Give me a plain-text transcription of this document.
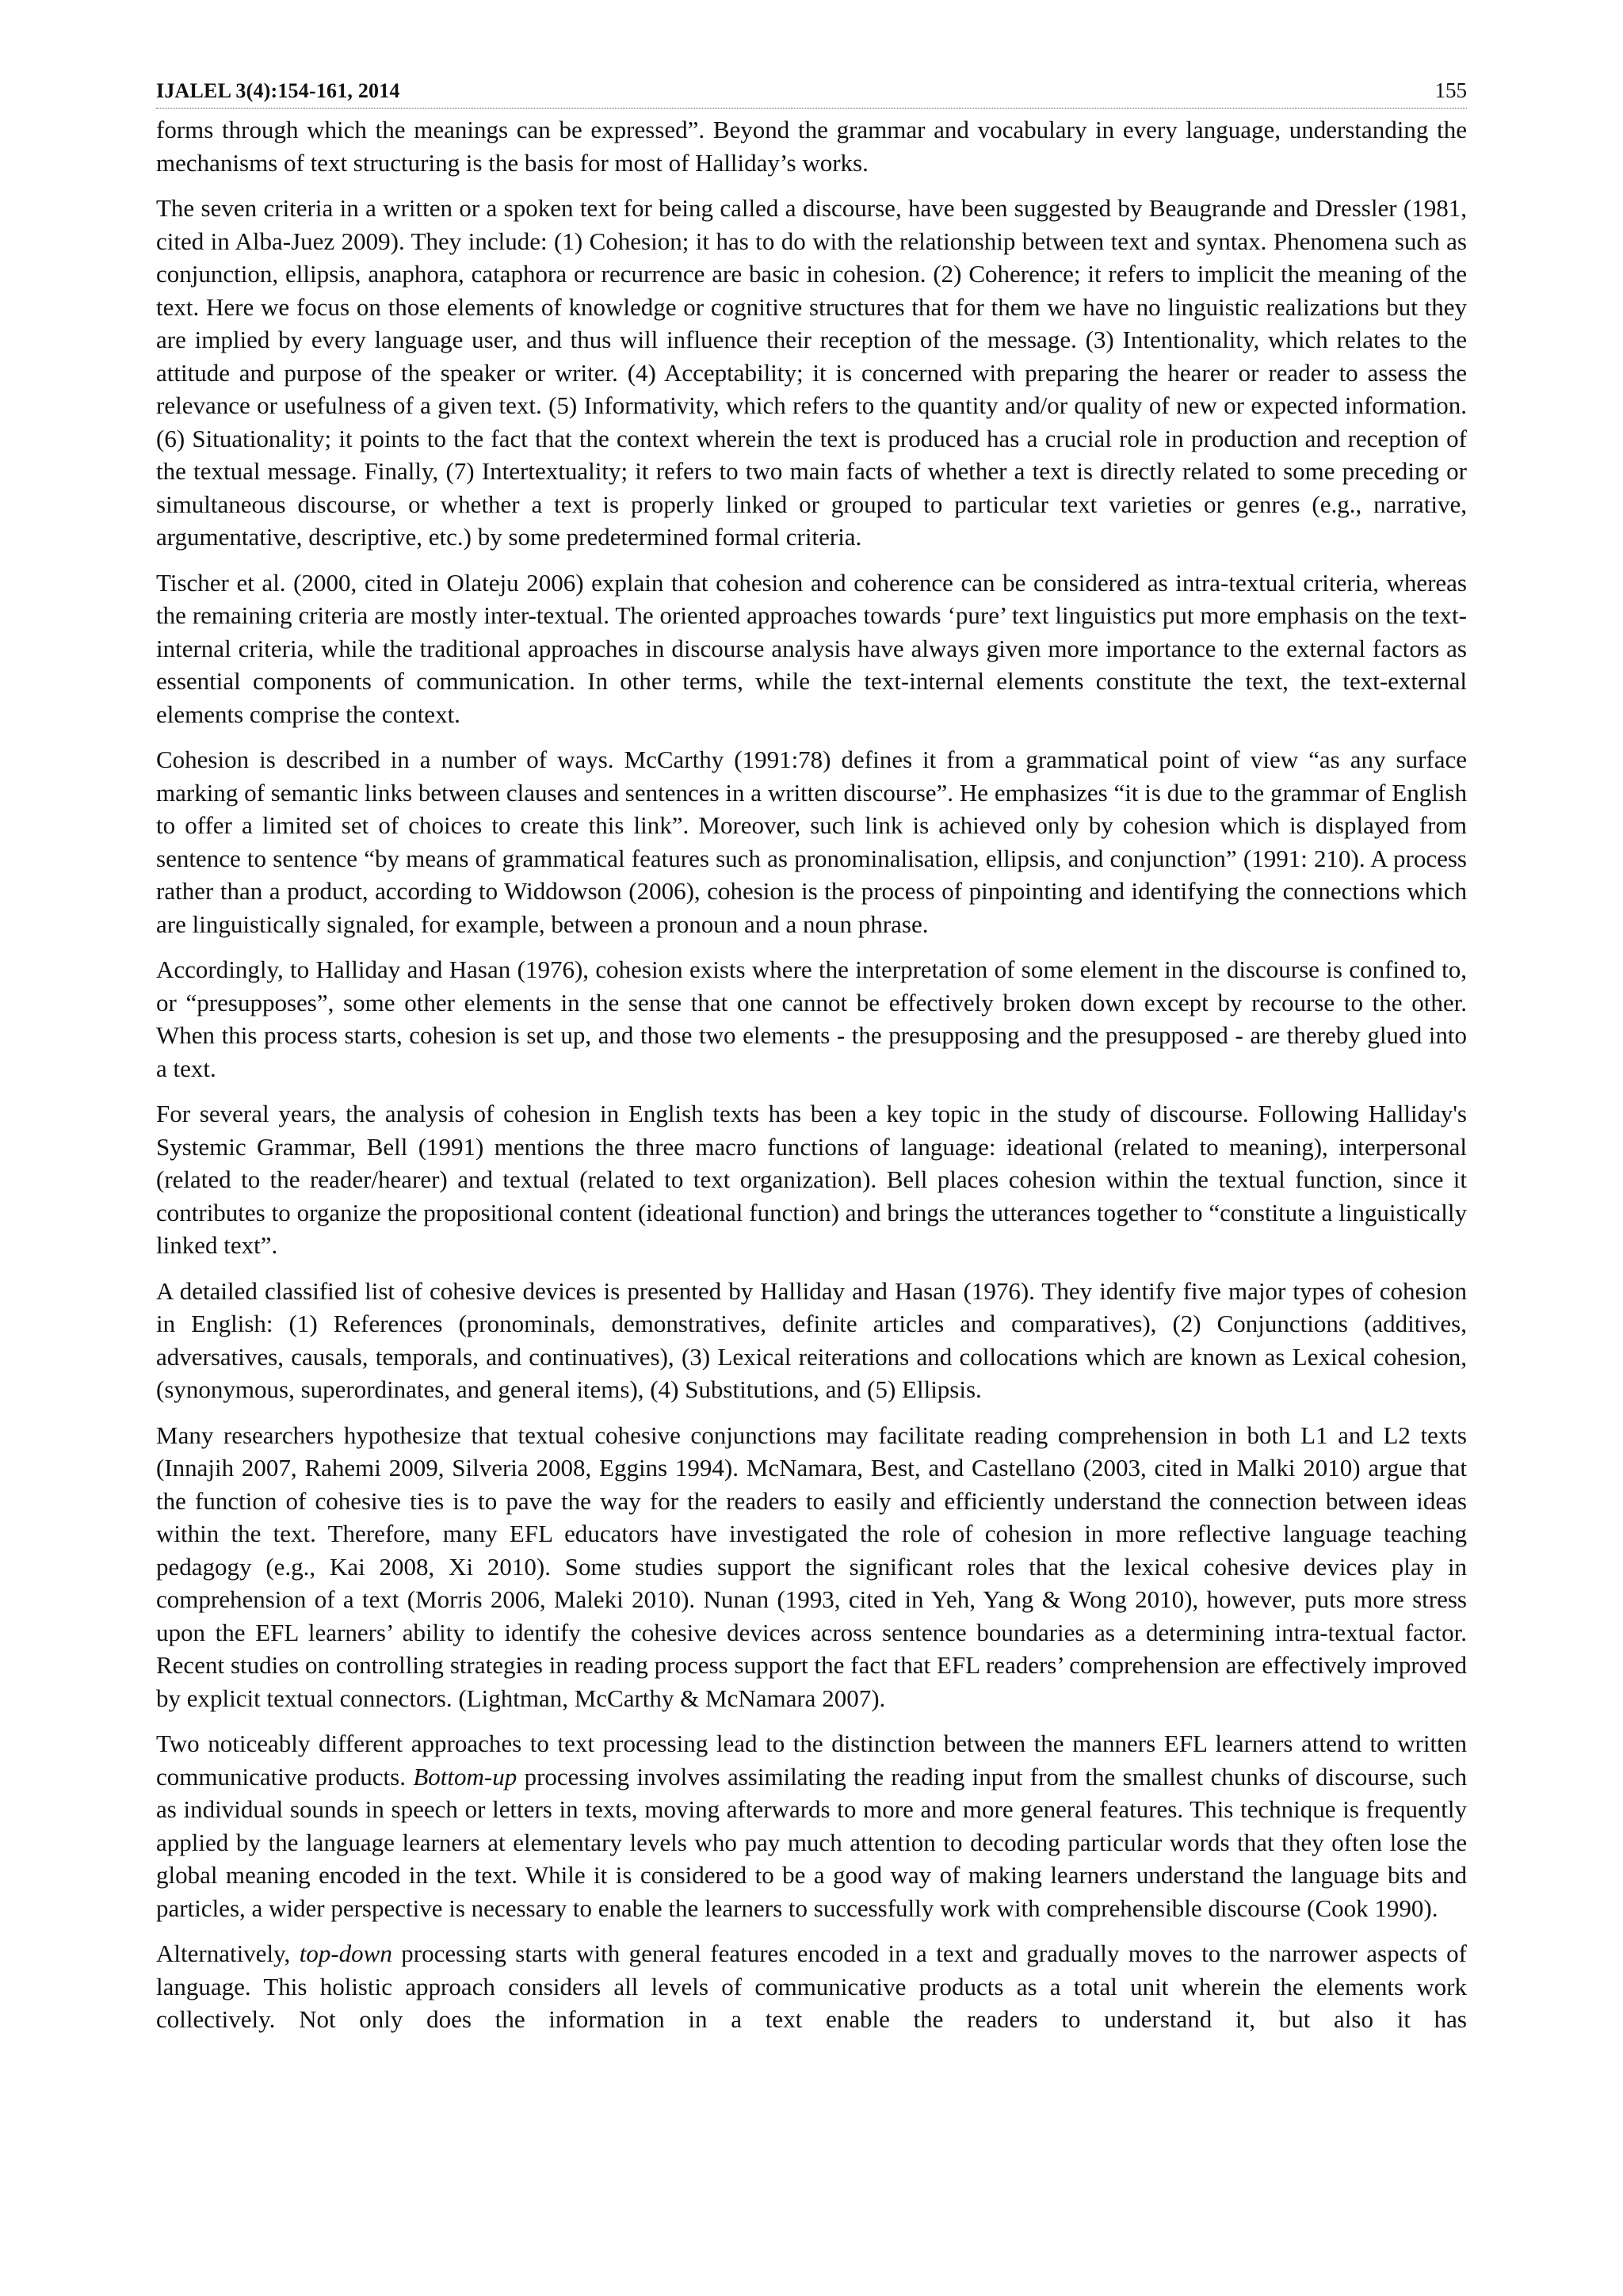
IJALEL 3(4):154-161, 2014	155

forms through which the meanings can be expressed”. Beyond the grammar and vocabulary in every language, understanding the mechanisms of text structuring is the basis for most of Halliday’s works.

The seven criteria in a written or a spoken text for being called a discourse, have been suggested by Beaugrande and Dressler (1981, cited in Alba-Juez 2009). They include: (1) Cohesion; it has to do with the relationship between text and syntax. Phenomena such as conjunction, ellipsis, anaphora, cataphora or recurrence are basic in cohesion. (2) Coherence; it refers to implicit the meaning of the text. Here we focus on those elements of knowledge or cognitive structures that for them we have no linguistic realizations but they are implied by every language user, and thus will influence their reception of the message. (3) Intentionality, which relates to the attitude and purpose of the speaker or writer. (4) Acceptability; it is concerned with preparing the hearer or reader to assess the relevance or usefulness of a given text. (5) Informativity, which refers to the quantity and/or quality of new or expected information. (6) Situationality; it points to the fact that the context wherein the text is produced has a crucial role in production and reception of the textual message. Finally, (7) Intertextuality; it refers to two main facts of whether a text is directly related to some preceding or simultaneous discourse, or whether a text is properly linked or grouped to particular text varieties or genres (e.g., narrative, argumentative, descriptive, etc.) by some predetermined formal criteria.

Tischer et al. (2000, cited in Olateju 2006) explain that cohesion and coherence can be considered as intra-textual criteria, whereas the remaining criteria are mostly inter-textual. The oriented approaches towards ‘pure’ text linguistics put more emphasis on the text-internal criteria, while the traditional approaches in discourse analysis have always given more importance to the external factors as essential components of communication. In other terms, while the text-internal elements constitute the text, the text-external elements comprise the context.

Cohesion is described in a number of ways. McCarthy (1991:78) defines it from a grammatical point of view “as any surface marking of semantic links between clauses and sentences in a written discourse”. He emphasizes “it is due to the grammar of English to offer a limited set of choices to create this link”. Moreover, such link is achieved only by cohesion which is displayed from sentence to sentence “by means of grammatical features such as pronominalisation, ellipsis, and conjunction” (1991: 210). A process rather than a product, according to Widdowson (2006), cohesion is the process of pinpointing and identifying the connections which are linguistically signaled, for example, between a pronoun and a noun phrase.

Accordingly, to Halliday and Hasan (1976), cohesion exists where the interpretation of some element in the discourse is confined to, or “presupposes”, some other elements in the sense that one cannot be effectively broken down except by recourse to the other. When this process starts, cohesion is set up, and those two elements - the presupposing and the presupposed - are thereby glued into a text.

For several years, the analysis of cohesion in English texts has been a key topic in the study of discourse. Following Halliday's Systemic Grammar, Bell (1991) mentions the three macro functions of language: ideational (related to meaning), interpersonal (related to the reader/hearer) and textual (related to text organization). Bell places cohesion within the textual function, since it contributes to organize the propositional content (ideational function) and brings the utterances together to “constitute a linguistically linked text”.

A detailed classified list of cohesive devices is presented by Halliday and Hasan (1976). They identify five major types of cohesion in English: (1) References (pronominals, demonstratives, definite articles and comparatives), (2) Conjunctions (additives, adversatives, causals, temporals, and continuatives), (3) Lexical reiterations and collocations which are known as Lexical cohesion, (synonymous, superordinates, and general items), (4) Substitutions, and (5) Ellipsis.

Many researchers hypothesize that textual cohesive conjunctions may facilitate reading comprehension in both L1 and L2 texts (Innajih 2007, Rahemi 2009, Silveria 2008, Eggins 1994). McNamara, Best, and Castellano (2003, cited in Malki 2010) argue that the function of cohesive ties is to pave the way for the readers to easily and efficiently understand the connection between ideas within the text. Therefore, many EFL educators have investigated the role of cohesion in more reflective language teaching pedagogy (e.g., Kai 2008, Xi 2010). Some studies support the significant roles that the lexical cohesive devices play in comprehension of a text (Morris 2006, Maleki 2010). Nunan (1993, cited in Yeh, Yang & Wong 2010), however, puts more stress upon the EFL learners’ ability to identify the cohesive devices across sentence boundaries as a determining intra-textual factor. Recent studies on controlling strategies in reading process support the fact that EFL readers’ comprehension are effectively improved by explicit textual connectors. (Lightman, McCarthy & McNamara 2007).

Two noticeably different approaches to text processing lead to the distinction between the manners EFL learners attend to written communicative products. Bottom-up processing involves assimilating the reading input from the smallest chunks of discourse, such as individual sounds in speech or letters in texts, moving afterwards to more and more general features. This technique is frequently applied by the language learners at elementary levels who pay much attention to decoding particular words that they often lose the global meaning encoded in the text. While it is considered to be a good way of making learners understand the language bits and particles, a wider perspective is necessary to enable the learners to successfully work with comprehensible discourse (Cook 1990).

Alternatively, top-down processing starts with general features encoded in a text and gradually moves to the narrower aspects of language. This holistic approach considers all levels of communicative products as a total unit wherein the elements work collectively. Not only does the information in a text enable the readers to understand it, but also it has
